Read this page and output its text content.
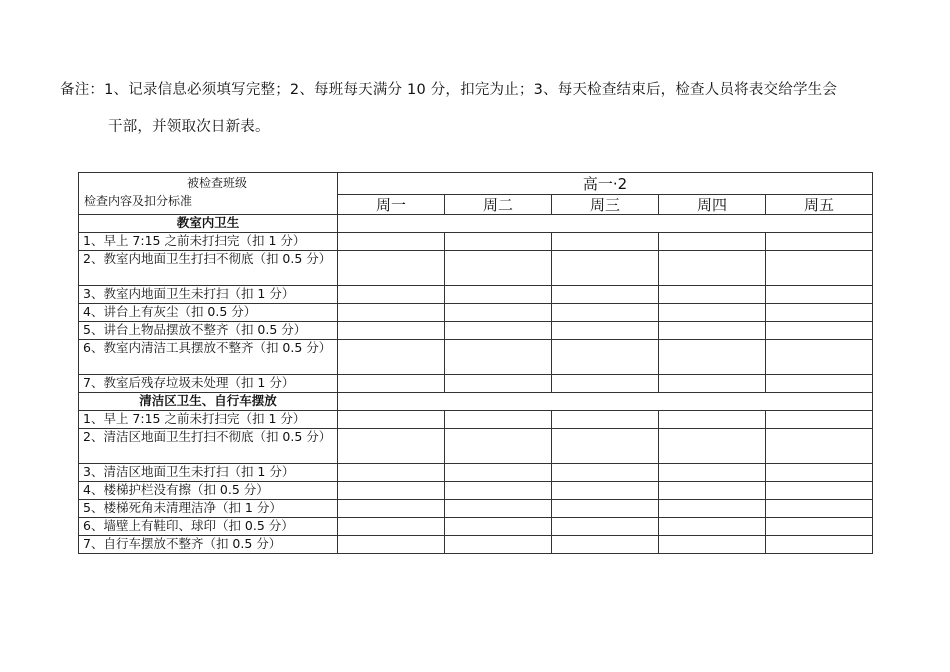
备注：1、记录信息必须填写完整；2、每班每天满分 10 分，扣完为止；3、每天检查结束后，检查人员将表交给学生会
干部，并领取次日新表。
被检查班级
检查内容及扣分标准	高一·2				
	周一	周二	周三	周四	周五
教室内卫生					
1、早上 7:15 之前未打扫完（扣 1 分）					
2、教室内地面卫生打扫不彻底（扣 0.5 分）					
3、教室内地面卫生未打扫（扣 1 分）					
4、讲台上有灰尘（扣 0.5 分）					
5、讲台上物品摆放不整齐（扣 0.5 分）					
6、教室内清洁工具摆放不整齐（扣 0.5 分）					
7、教室后残存垃圾未处理（扣 1 分）					
清洁区卫生、自行车摆放					
1、早上 7:15 之前未打扫完（扣 1 分）					
2、清洁区地面卫生打扫不彻底（扣 0.5 分）					
3、清洁区地面卫生未打扫（扣 1 分）					
4、楼梯护栏没有擦（扣 0.5 分）					
5、楼梯死角未清理洁净（扣 1 分）					
6、墙壁上有鞋印、球印（扣 0.5 分）					
7、自行车摆放不整齐（扣 0.5 分）					
